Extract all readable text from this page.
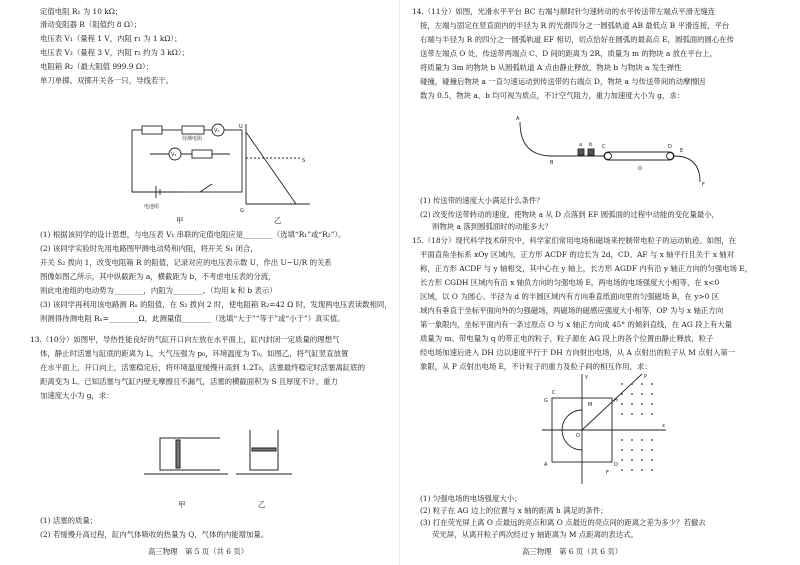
定值电阻 R₁ 为 10 kΩ；
滑动变阻器 R（阻值约 8 Ω）；
电压表 V₁（量程 1 V，内阻 r₁ 为 1 kΩ）；
电压表 V₂（量程 3 V，内阻 r₂ 约为 3 kΩ）；
电阻箱 R₂（最大阻值 999.9 Ω）；
单刀单掷、双掷开关各一只，导线若干。
V₁
V₂
电池组
待测电阻
甲
U
G
S
乙
(1) 根据该同学的设计思想，与电压表 V₁ 串联的定值电阻应是________（选填“R₁”或“R₂”）。
(2) 该同学实验时先用电路图甲测电动势和内阻，将开关 S₁ 闭合，
开关 S₂ 拨向 1，改变电阻箱 R 的阻值，记录对应的电压表示数 U，作出 U−U/R 的关系
图像如图乙所示，其中纵截距为 a，横截距为 b，不考虑电压表的分流，
则此电池组的电动势为________，内阻为________。（均用 k 和 b 表示）
(3) 该同学再利用该电路测 Rₓ 的阻值，在 S₂ 拨向 2 时，使电阻箱 R₂=42 Ω 时，发现两电压表读数相同，
则测得待测电阻 Rₓ=________Ω，此测量值________（选填“大于”“等于”或“小于”）真实值。
13.（10分）如图甲，导热性能良好的气缸开口向左放在水平面上，缸内封闭一定质量的理想气
体，静止时活塞与缸底的距离为 L，大气压强为 p₀，环境温度为 T₀。如图乙，将气缸竖直放置
在水平面上，开口向上，活塞稳定后，将环境温度缓慢升高到 1.2T₀，活塞最终稳定时活塞离缸底的
距离变为 L。已知活塞与气缸内壁无摩擦且不漏气，活塞的横截面积为 S 且厚度不计，重力
加速度大小为 g，求：
甲	乙
(1) 活塞的质量；
(2) 若缓慢升高过程，缸内气体吸收的热量为 Q，气体的内能增加量。
高三物理　第 5 页（共 6 页）
14.（11分）如图，光滑水平平台 BC 右端与顺时针匀速转动的水平传送带左端点平滑无缝连
接，左端与固定在竖直面内的半径为 R 的光滑四分之一圆弧轨道 AB 最低点 B 平滑连接，平台
右端与半径为 R 的四分之一圆弧轨道 EF 相切，切点恰好在圆弧的最高点 E，圆弧面的圆心在传
送带左端点 O 处，传送带两端点 C、D 间的距离为 2R，质量为 m 的物块 a 放在平台上，
将质量为 3m 的物块 b 从圆弧轨道 A 点由静止释放，物块 b 与物块 a 发生弹性
碰撞，碰撞后物块 a 一直匀速运动到传送带的右端点 D，物块 a 与传送带间的动摩擦因
数为 0.5，物块 a、b 均可视为质点，不计空气阻力，重力加速度大小为 g，求：
A
B
C	D
E
F
a b
O
(1) 传送带的速度大小满足什么条件？
(2) 改变传送带转动的速度，使物块 a 从 D 点落到 EF 圆弧面的过程中动能的变化量最小，
则物块 a 落到圆弧面时的动能多大？
15.（18分）现代科学技术研究中，科学家们常用电场和磁场来控制带电粒子的运动轨迹。如图，在
平面直角坐标系 xOy 区域内，正方形 ACDF 的边长为 2d，CD、AF 与 x 轴平行且关于 x 轴对
称，正方形 ACDF 与 y 轴相交，其中心在 y 轴上，长方形 AGDF 内有沿 y 轴正方向的匀强电场 E，
长方形 CGDH 区域内有沿 x 轴负方向的匀强电场 E，两电场的电场强度大小相等，在 x<0
区域，以 O 为圆心、半径为 d 的半圆区域内有方向垂直纸面向里的匀强磁场 B，在 y>0 区
域内有垂直于坐标平面向外的匀强磁场，两磁场的磁感应强度大小相等，OP 为与 x 轴正方向
第一象限内，坐标平面内有一条过原点 O 与 x 轴正方向成 45° 的倾斜直线，在 AG 段上有大量
质量为 m、带电量为 q 的带正电的粒子，粒子源在 AG 段上的各个位置由静止释放，粒子
经电场加速后进入 DH 边以速度平行于 DH 方向射出电场，从 A 点射出的粒子从 M 点射入第一
象限，从 P 点射出电场 E，不计粒子的重力及粒子间的相互作用，求：
y
x
O
G	H
A	D
C
F
M
P
(1) 匀强电场的电场强度大小；
(2) 粒子在 AG 边上的位置与 x 轴的距离 h 满足的条件；
(3) 打在荧光屏上离 O 点最远的亮点和离 O 点最近的亮点间的距离之差为多少？若撤去
荧光屏，从离开粒子两次经过 y 轴距离为 M 点距离的表达式。
高三物理　第 6 页（共 6 页）
